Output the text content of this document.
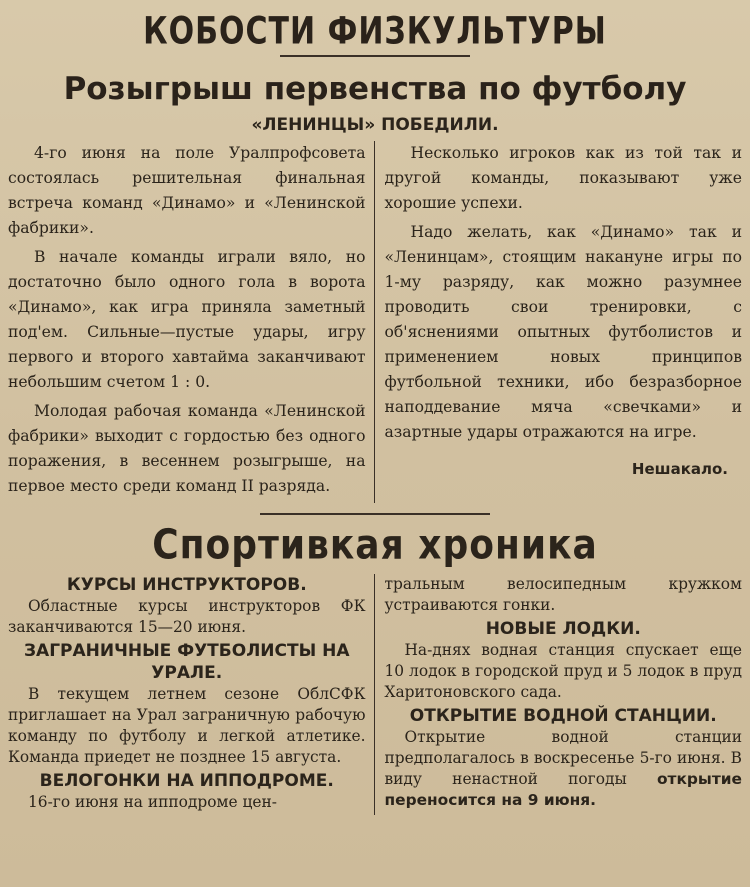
КОБОСТИ ФИЗКУЛЬТУРЫ
Розыгрыш первенства по футболу
«ЛЕНИНЦЫ» ПОБЕДИЛИ.

4-го июня на поле Уралпрофсовета состоялась решительная финальная встреча команд «Динамо» и «Ленинской фабрики».

В начале команды играли вяло, но достаточно было одного гола в ворота «Динамо», как игра приняла заметный под'ем. Сильные—пустые удары, игру первого и второго хавтайма заканчивают небольшим счетом 1 : 0.

Молодая рабочая команда «Ленинской фабрики» выходит с гордостью без одного поражения, в весеннем розыгрыше, на первое место среди команд II разряда.

Несколько игроков как из той так и другой команды, показывают уже хорошие успехи.

Надо желать, как «Динамо» так и «Ленинцам», стоящим накануне игры по 1-му разряду, как можно разумнее проводить свои тренировки, с об'яснениями опытных футболистов и применением новых принципов футбольной техники, ибо безразборное наподдевание мяча «свечками» и азартные удары отражаются на игре.

Нешакало.
Спортивкая хроника
КУРСЫ ИНСТРУКТОРОВ.

Областные курсы инструкторов ФК заканчиваются 15—20 июня.

ЗАГРАНИЧНЫЕ ФУТБОЛИСТЫ НА УРАЛЕ.

В текущем летнем сезоне ОблСФК приглашает на Урал заграничную рабочую команду по футболу и легкой атлетике. Команда приедет не позднее 15 августа.

ВЕЛОГОНКИ НА ИППОДРОМЕ.

16-го июня на ипподроме цен-

тральным велосипедным кружком устраиваются гонки.

НОВЫЕ ЛОДКИ.

На-днях водная станция спускает еще 10 лодок в городской пруд и 5 лодок в пруд Харитоновского сада.

ОТКРЫТИЕ ВОДНОЙ СТАНЦИИ.

Открытие водной станции предполагалось в воскресенье 5-го июня. В виду ненастной погоды открытие переносится на 9 июня.
